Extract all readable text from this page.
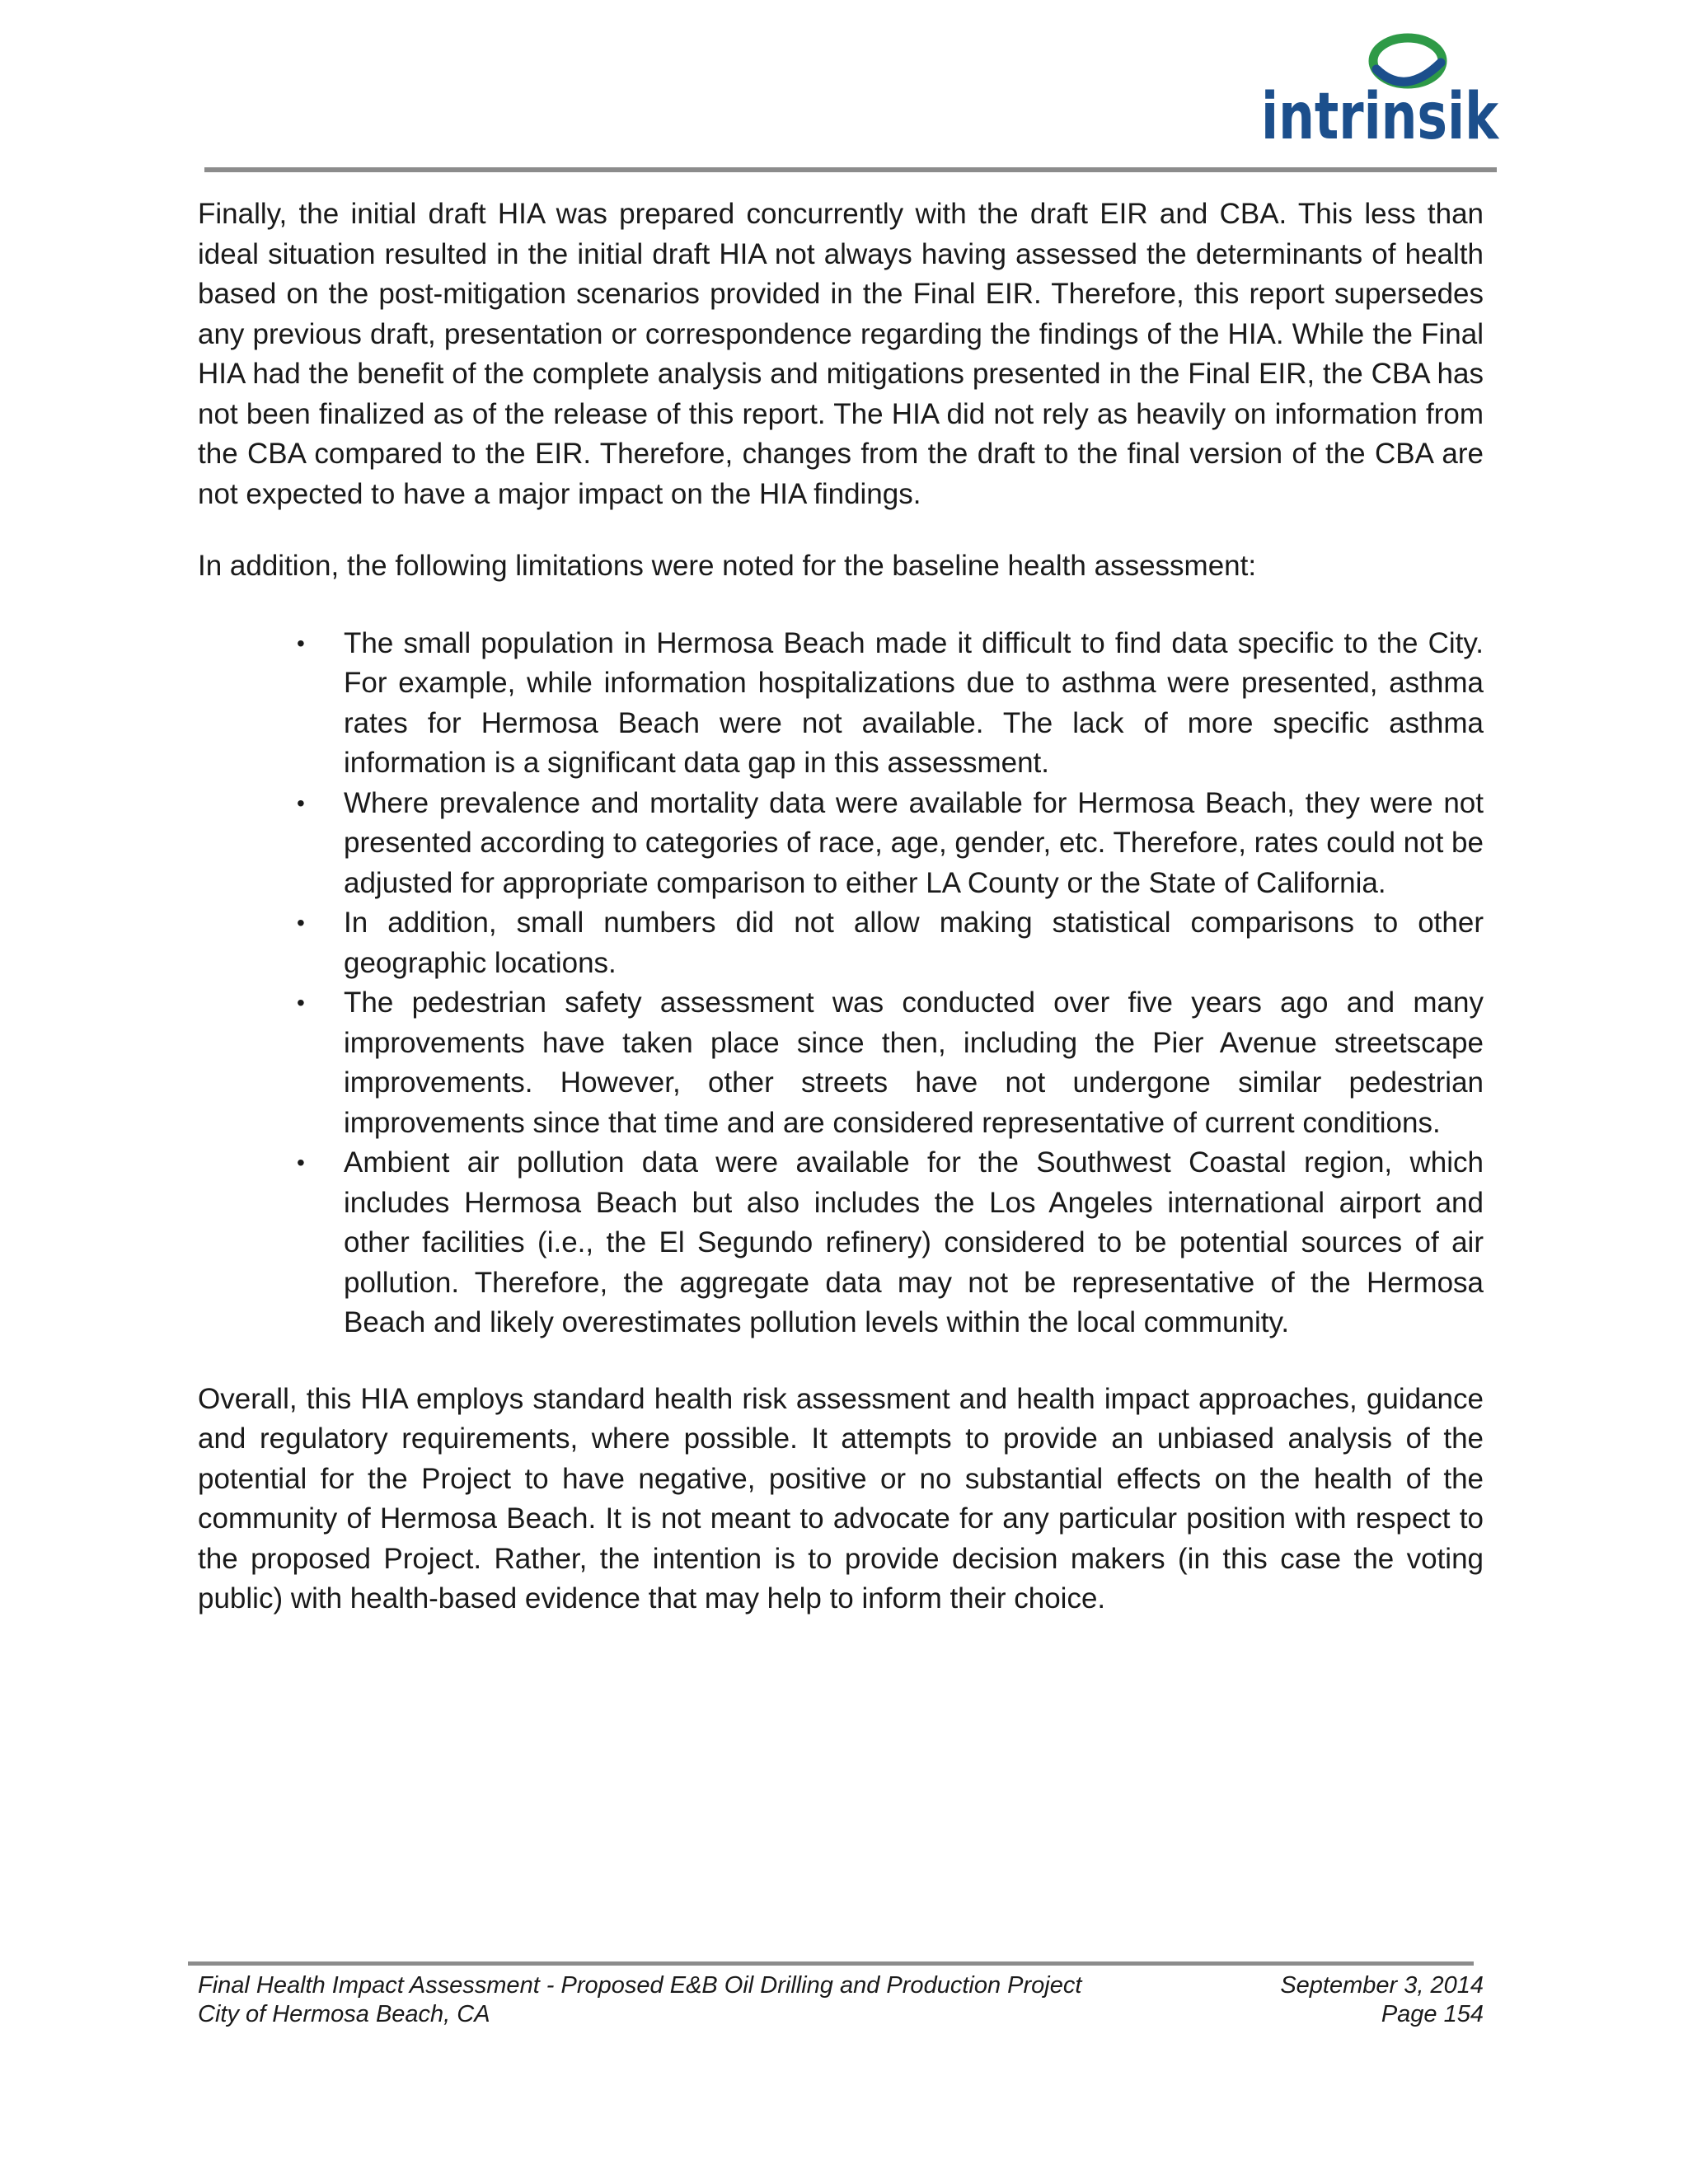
intrinsik

Finally, the initial draft HIA was prepared concurrently with the draft EIR and CBA. This less than ideal situation resulted in the initial draft HIA not always having assessed the determinants of health based on the post-mitigation scenarios provided in the Final EIR. Therefore, this report supersedes any previous draft, presentation or correspondence regarding the findings of the HIA. While the Final HIA had the benefit of the complete analysis and mitigations presented in the Final EIR, the CBA has not been finalized as of the release of this report. The HIA did not rely as heavily on information from the CBA compared to the EIR. Therefore, changes from the draft to the final version of the CBA are not expected to have a major impact on the HIA findings.

In addition, the following limitations were noted for the baseline health assessment:

• The small population in Hermosa Beach made it difficult to find data specific to the City. For example, while information hospitalizations due to asthma were presented, asthma rates for Hermosa Beach were not available. The lack of more specific asthma information is a significant data gap in this assessment.
• Where prevalence and mortality data were available for Hermosa Beach, they were not presented according to categories of race, age, gender, etc. Therefore, rates could not be adjusted for appropriate comparison to either LA County or the State of California.
• In addition, small numbers did not allow making statistical comparisons to other geographic locations.
• The pedestrian safety assessment was conducted over five years ago and many improvements have taken place since then, including the Pier Avenue streetscape improvements. However, other streets have not undergone similar pedestrian improvements since that time and are considered representative of current conditions.
• Ambient air pollution data were available for the Southwest Coastal region, which includes Hermosa Beach but also includes the Los Angeles international airport and other facilities (i.e., the El Segundo refinery) considered to be potential sources of air pollution. Therefore, the aggregate data may not be representative of the Hermosa Beach and likely overestimates pollution levels within the local community.

Overall, this HIA employs standard health risk assessment and health impact approaches, guidance and regulatory requirements, where possible. It attempts to provide an unbiased analysis of the potential for the Project to have negative, positive or no substantial effects on the health of the community of Hermosa Beach. It is not meant to advocate for any particular position with respect to the proposed Project. Rather, the intention is to provide decision makers (in this case the voting public) with health-based evidence that may help to inform their choice.

Final Health Impact Assessment - Proposed E&B Oil Drilling and Production Project	September 3, 2014
City of Hermosa Beach, CA	Page 154
